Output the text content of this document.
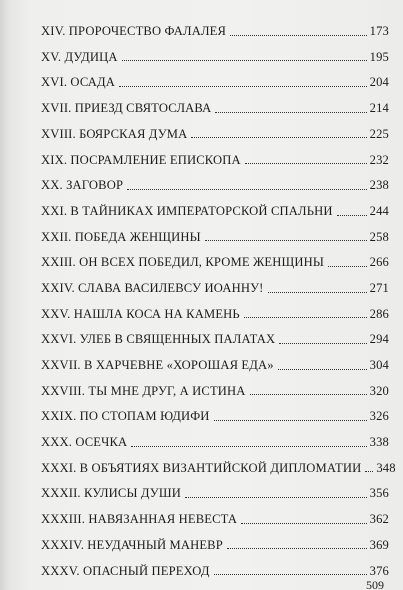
XIV. ПРОРОЧЕСТВО ФАЛАЛЕЯ	173
XV. ДУДИЦА	195
XVI. ОСАДА	204
XVII. ПРИЕЗД СВЯТОСЛАВА	214
XVIII. БОЯРСКАЯ ДУМА	225
XIX. ПОСРАМЛЕНИЕ ЕПИСКОПА	232
XX. ЗАГОВОР	238
XXI. В ТАЙНИКАХ ИМПЕРАТОРСКОЙ СПАЛЬНИ	244
XXII. ПОБЕДА ЖЕНЩИНЫ	258
XXIII. ОН ВСЕХ ПОБЕДИЛ, КРОМЕ ЖЕНЩИНЫ	266
XXIV. СЛАВА ВАСИЛЕВСУ ИОАННУ!	271
XXV. НАШЛА КОСА НА КАМЕНЬ	286
XXVI. УЛЕБ В СВЯЩЕННЫХ ПАЛАТАХ	294
XXVII. В ХАРЧЕВНЕ «ХОРОШАЯ ЕДА»	304
XXVIII. ТЫ МНЕ ДРУГ, А ИСТИНА	320
XXIX. ПО СТОПАМ ЮДИФИ	326
XXX. ОСЕЧКА	338
XXXI. В ОБЪЯТИЯХ ВИЗАНТИЙСКОЙ ДИПЛОМАТИИ 348
XXXII. КУЛИСЫ ДУШИ	356
XXXIII. НАВЯЗАННАЯ НЕВЕСТА	362
XXXIV. НЕУДАЧНЫЙ МАНЕВР	369
XXXV. ОПАСНЫЙ ПЕРЕХОД	376
509
